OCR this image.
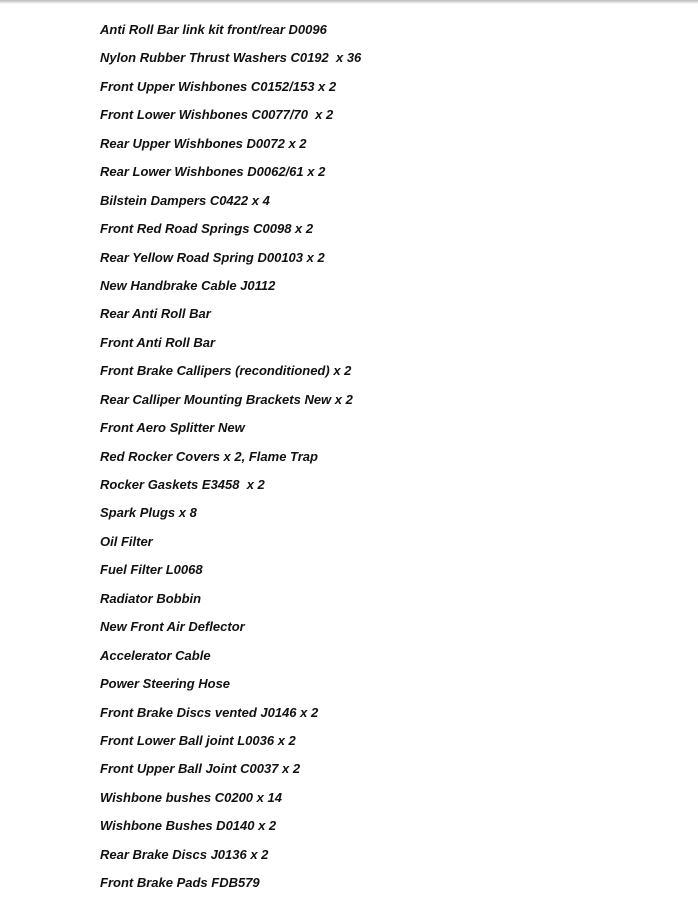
Anti Roll Bar link kit front/rear D0096
Nylon Rubber Thrust Washers C0192  x 36
Front Upper Wishbones C0152/153 x 2
Front Lower Wishbones C0077/70  x 2
Rear Upper Wishbones D0072 x 2
Rear Lower Wishbones D0062/61 x 2
Bilstein Dampers C0422 x 4
Front Red Road Springs C0098 x 2
Rear Yellow Road Spring D00103 x 2
New Handbrake Cable J0112
Rear Anti Roll Bar
Front Anti Roll Bar
Front Brake Callipers (reconditioned) x 2
Rear Calliper Mounting Brackets New x 2
Front Aero Splitter New
Red Rocker Covers x 2, Flame Trap
Rocker Gaskets E3458  x 2
Spark Plugs x 8
Oil Filter
Fuel Filter L0068
Radiator Bobbin
New Front Air Deflector
Accelerator Cable
Power Steering Hose
Front Brake Discs vented J0146 x 2
Front Lower Ball joint L0036 x 2
Front Upper Ball Joint C0037 x 2
Wishbone bushes C0200 x 14
Wishbone Bushes D0140 x 2
Rear Brake Discs J0136 x 2
Front Brake Pads FDB579
